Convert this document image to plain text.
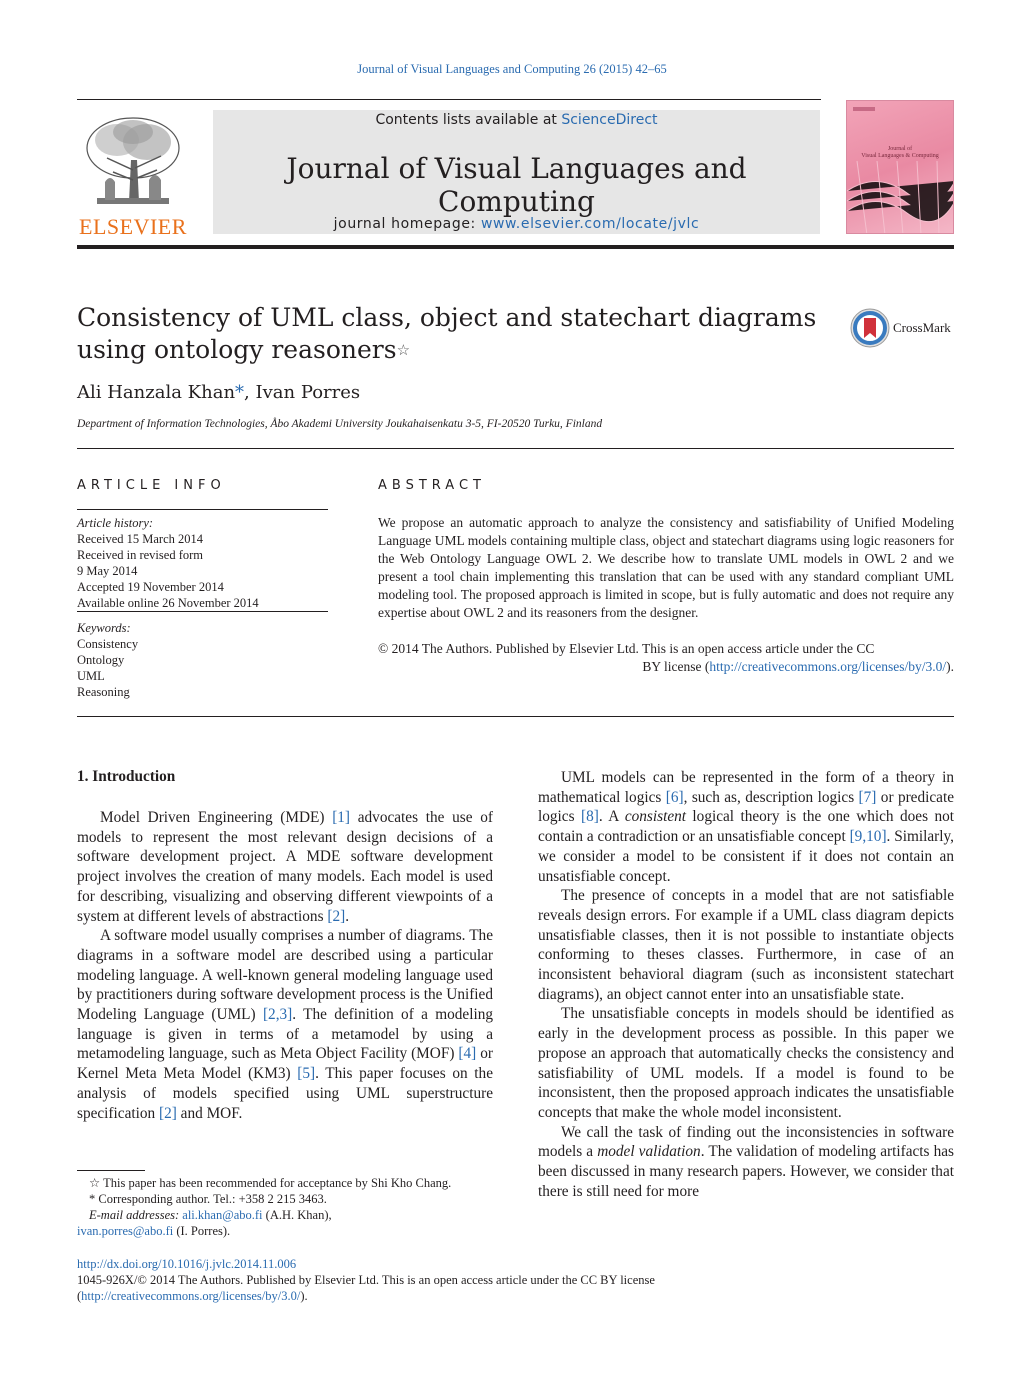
Journal of Visual Languages and Computing 26 (2015) 42–65
ELSEVIER
Contents lists available at ScienceDirect
Journal of Visual Languages and Computing
journal homepage: www.elsevier.com/locate/jvlc
Journal of
Visual Languages & Computing
Consistency of UML class, object and statechart diagrams
using ontology reasoners☆
CrossMark
Ali Hanzala Khan*, Ivan Porres
Department of Information Technologies, Åbo Akademi University Joukahaisenkatu 3-5, FI-20520 Turku, Finland
ARTICLE INFO	ABSTRACT
Article history:
Received 15 March 2014
Received in revised form
9 May 2014
Accepted 19 November 2014
Available online 26 November 2014
Keywords:
Consistency
Ontology
UML
Reasoning
We propose an automatic approach to analyze the consistency and satisfiability of Unified Modeling Language UML models containing multiple class, object and statechart diagrams using logic reasoners for the Web Ontology Language OWL 2. We describe how to translate UML models in OWL 2 and we present a tool chain implementing this translation that can be used with any standard compliant UML modeling tool. The proposed approach is limited in scope, but is fully automatic and does not require any expertise about OWL 2 and its reasoners from the designer.
© 2014 The Authors. Published by Elsevier Ltd. This is an open access article under the CC
BY license (http://creativecommons.org/licenses/by/3.0/).
1. Introduction

Model Driven Engineering (MDE) [1] advocates the use of models to represent the most relevant design decisions of a software development project. A MDE software development project involves the creation of many models. Each model is used for describing, visualizing and observing different viewpoints of a system at different levels of abstractions [2].

A software model usually comprises a number of diagrams. The diagrams in a software model are described using a particular modeling language. A well-known general modeling language used by practitioners during software development process is the Unified Modeling Language (UML) [2,3]. The definition of a modeling language is given in terms of a metamodel by using a metamodeling language, such as Meta Object Facility (MOF) [4] or Kernel Meta Meta Model (KM3) [5]. This paper focuses on the analysis of models specified using UML superstructure specification [2] and MOF.

UML models can be represented in the form of a theory in mathematical logics [6], such as, description logics [7] or predicate logics [8]. A consistent logical theory is the one which does not contain a contradiction or an unsatisfiable concept [9,10]. Similarly, we consider a model to be consistent if it does not contain an unsatisfiable concept.

The presence of concepts in a model that are not satisfiable reveals design errors. For example if a UML class diagram depicts unsatisfiable classes, then it is not possible to instantiate objects conforming to theses classes. Furthermore, in case of an inconsistent behavioral diagram (such as inconsistent statechart diagrams), an object cannot enter into an unsatisfiable state.

The unsatisfiable concepts in models should be identified as early in the development process as possible. In this paper we propose an approach that automatically checks the consistency and satisfiability of UML models. If a model is found to be inconsistent, then the proposed approach indicates the unsatisfiable concepts that make the whole model inconsistent.

We call the task of finding out the inconsistencies in software models a model validation. The validation of modeling artifacts has been discussed in many research papers. However, we consider that there is still need for more

☆ This paper has been recommended for acceptance by Shi Kho Chang.
* Corresponding author. Tel.: +358 2 215 3463.
E-mail addresses: ali.khan@abo.fi (A.H. Khan),
ivan.porres@abo.fi (I. Porres).
http://dx.doi.org/10.1016/j.jvlc.2014.11.006
1045-926X/© 2014 The Authors. Published by Elsevier Ltd. This is an open access article under the CC BY license
(http://creativecommons.org/licenses/by/3.0/).
